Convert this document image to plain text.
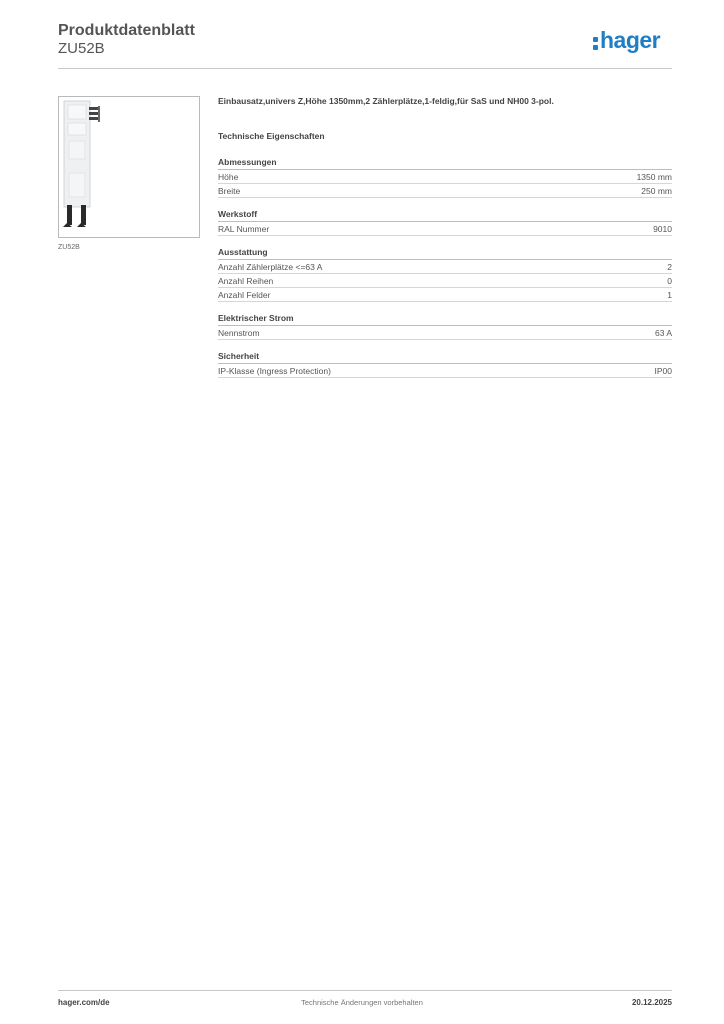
Produktdatenblatt
ZU52B	hager
ZU52B
Einbausatz,univers Z,Höhe 1350mm,2 Zählerplätze,1-feldig,für SaS und NH00 3-pol.
Technische Eigenschaften
Abmessungen
Höhe	1350 mm
Breite	250 mm
Werkstoff
RAL Nummer	9010
Ausstattung
Anzahl Zählerplätze <=63 A	2
Anzahl Reihen	0
Anzahl Felder	1
Elektrischer Strom
Nennstrom	63 A
Sicherheit
IP-Klasse (Ingress Protection)	IP00
hager.com/de	Technische Änderungen vorbehalten	20.12.2025
